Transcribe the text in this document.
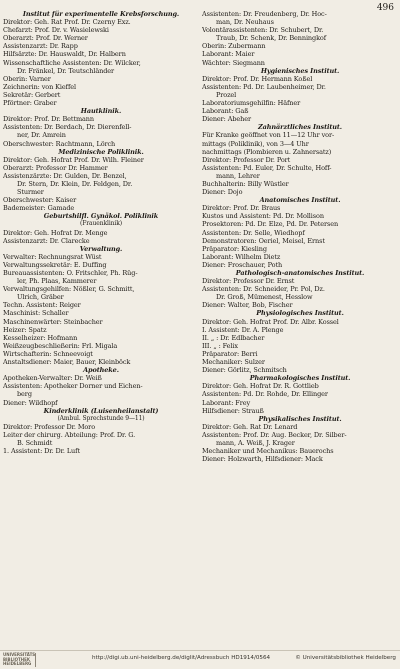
496
Institut für experimentelle Krebsforschung.
Direktor: Geh. Rat Prof. Dr. Czerny Exz.
Chefarzt: Prof. Dr. v. Wasielewski
Oberarzt: Prof. Dr. Werner
Assistenzarzt: Dr. Rapp
Hilfsärzte: Dr. Hauswaldt, Dr. Halbern
Wissenschaftliche Assistenten: Dr. Wilcker,
Dr. Fränkel, Dr. Teutschländer
Oberin: Varner
Zeichnerin: von Kieffel
Sekretär: Gerbert
Pförtner: Graber
Hautklinik.
Direktor: Prof. Dr. Bettmann
Assistenten: Dr. Berdach, Dr. Dierenfell-
ner, Dr. Amrein
Oberschwester: Rachtmann, Lörch
Medizinische Poliklinik.
Direktor: Geh. Hofrat Prof. Dr. Wilh. Fleiner
Oberarzt: Professor Dr. Hammer
Assistenzärzte: Dr. Gulden, Dr. Benzel,
Dr. Stern, Dr. Klein, Dr. Feldgen, Dr.
Sturmer
Oberschwester: Kaiser
Bademeister: Gamade
Geburtshilfl. Gynäkol. Poliklinik
(Frauenklinik)
Direktor: Geh. Hofrat Dr. Menge
Assistenzarzt: Dr. Clarecke
Verwaltung.
Verwalter: Rechnungsrat Wüst
Verwaltungssekretär: E. Duffing
Bureauassistenten: O. Fritschler, Ph. Rüg-
ler, Ph. Plaas, Kammerer
Verwaltungsgehilfen: Nößler, G. Schmitt,
Ulrich, Gräber
Techn. Assistent: Reiger
Maschinist: Schaller
Maschinenwärter: Steinbacher
Heizer: Spatz
Kesselheizer: Hofmann
Weißzeugbeschließerin: Frl. Migala
Wirtschafterin: Schneevoigt
Anstaltsdiener: Maier, Bauer, Kleinböck
Apotheke.
Apotheken-Verwalter: Dr. Weiß
Assistenten: Apotheker Dorner und Eichen-
berg
Diener: Wildhopf
Kinderklinik (Luisenheilanstalt)
(Ambul. Sprechstunde 9—11)
Direktor: Professor Dr. Moro
Leiter der chirurg. Abteilung: Prof. Dr. G.
B. Schmidt
1. Assistent: Dr. Dr. Luft
Assistenten: Dr. Freudenberg, Dr. Hoc-
man, Dr. Neuhaus
Volontärassistenten: Dr. Schubert, Dr.
Traub, Dr. Schenk, Dr. Benningkof
Oberin: Zubermann
Laborant: Maier
Wächter: Siegmann
Hygienisches Institut.
Direktor: Prof. Dr. Hermann Koßel
Assistenten: Pd. Dr. Laubenheimer, Dr.
Prozel
Laboratoriumsgehilfin: Häfner
Laborant: Gaß
Diener: Abeher
Zahnärztliches Institut.
Für Kranke geöffnet von 11—12 Uhr vor-
mittags (Poliklinik), von 3—4 Uhr
nachmittags (Plombieren u. Zahnersatz)
Direktor: Professor Dr. Port
Assistenten: Pd. Euler, Dr. Schulte, Hoff-
mann, Lehrer
Buchhalterin: Billy Wüstler
Diener: Dojo
Anatomisches Institut.
Direktor: Prof. Dr. Braus
Kustos und Assistent: Pd. Dr. Mollison
Prosektoren: Pd. Dr. Elze, Pd. Dr. Petersen
Assistenten: Dr. Selle, Wiedhopf
Demonstratoren: Oeriel, Meisel, Ernst
Präparator: Kiesling
Laborant: Wilhelm Dietz
Diener: Froschauer, Poth
Pathologisch-anatomisches Institut.
Direktor: Professor Dr. Ernst
Assistenten: Dr. Schneider, Pr. Pol, Dz.
Dr. Groß, Mümenest, Hesslow
Diener: Walter, Bob, Fischer
Physiologisches Institut.
Direktor: Geh. Hofrat Prof. Dr. Albr. Kossel
I. Assistent: Dr. A. Plenge
II. „ : Dr. Edlbacher
III. „ : Felix
Präparator: Berri
Mechaniker: Sulzer
Diener: Görlitz, Schmitsch
Pharmakologisches Institut.
Direktor: Geh. Hofrat Dr. R. Gottlieb
Assistenten: Pd. Dr. Rohde, Dr. Ellinger
Laborant: Frey
Hilfsdiener: Strauß
Physikalisches Institut.
Direktor: Geh. Rat Dr. Lenard
Assistenten: Prof. Dr. Aug. Becker, Dr. Silber-
mann, A. Weiß, J. Krager
Mechaniker und Mechanikus: Bauerochs
Diener: Holzwarth, Hilfsdiener: Mack
UNIVERSITÄTS BIBLIOTHEK HEIDELBERG
http://digi.ub.uni-heidelberg.de/diglit/Adressbuch HD1914/0564	© Universitätsbibliothek Heidelberg
